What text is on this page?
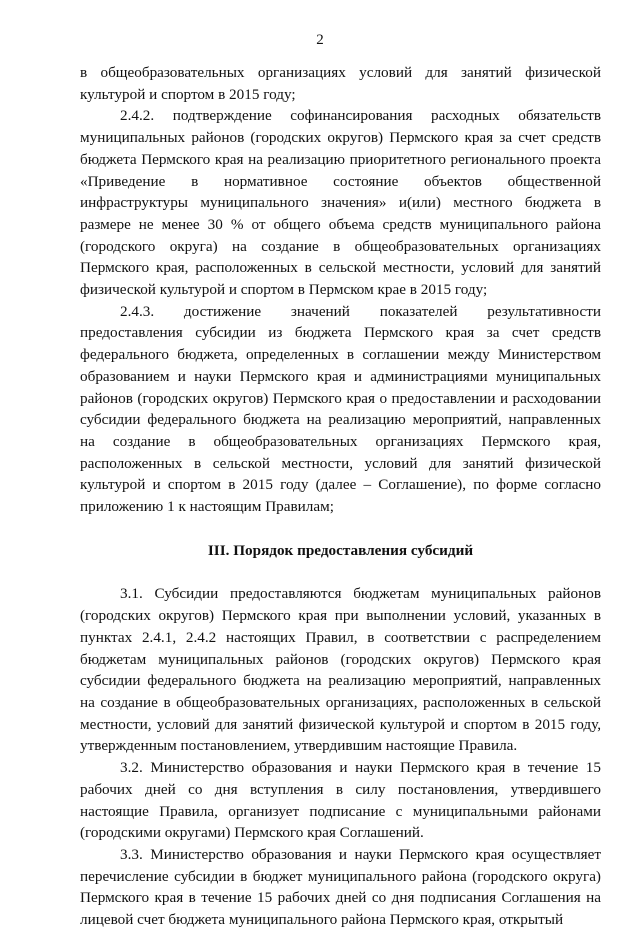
2

в общеобразовательных организациях условий для занятий физической культурой и спортом в 2015 году;

2.4.2. подтверждение софинансирования расходных обязательств муниципальных районов (городских округов) Пермского края за счет средств бюджета Пермского края на реализацию приоритетного регионального проекта «Приведение в нормативное состояние объектов общественной инфраструктуры муниципального значения» и(или) местного бюджета в размере не менее 30 % от общего объема средств муниципального района (городского округа) на создание в общеобразовательных организациях Пермского края, расположенных в сельской местности, условий для занятий физической культурой и спортом в Пермском крае в 2015 году;

2.4.3. достижение значений показателей результативности предоставления субсидии из бюджета Пермского края за счет средств федерального бюджета, определенных в соглашении между Министерством образованием и науки Пермского края и администрациями муниципальных районов (городских округов) Пермского края о предоставлении и расходовании субсидии федерального бюджета на реализацию мероприятий, направленных на создание в общеобразовательных организациях Пермского края, расположенных в сельской местности, условий для занятий физической культурой и спортом в 2015 году (далее – Соглашение), по форме согласно приложению 1 к настоящим Правилам;

III. Порядок предоставления субсидий

3.1. Субсидии предоставляются бюджетам муниципальных районов (городских округов) Пермского края при выполнении условий, указанных в пунктах 2.4.1, 2.4.2 настоящих Правил, в соответствии с распределением бюджетам муниципальных районов (городских округов) Пермского края субсидии федерального бюджета на реализацию мероприятий, направленных на создание в общеобразовательных организациях, расположенных в сельской местности, условий для занятий физической культурой и спортом в 2015 году, утвержденным постановлением, утвердившим настоящие Правила.

3.2. Министерство образования и науки Пермского края в течение 15 рабочих дней со дня вступления в силу постановления, утвердившего настоящие Правила, организует подписание с муниципальными районами (городскими округами) Пермского края Соглашений.

3.3. Министерство образования и науки Пермского края осуществляет перечисление субсидии в бюджет муниципального района (городского округа) Пермского края в течение 15 рабочих дней со дня подписания Соглашения на лицевой счет бюджета муниципального района Пермского края, открытый
